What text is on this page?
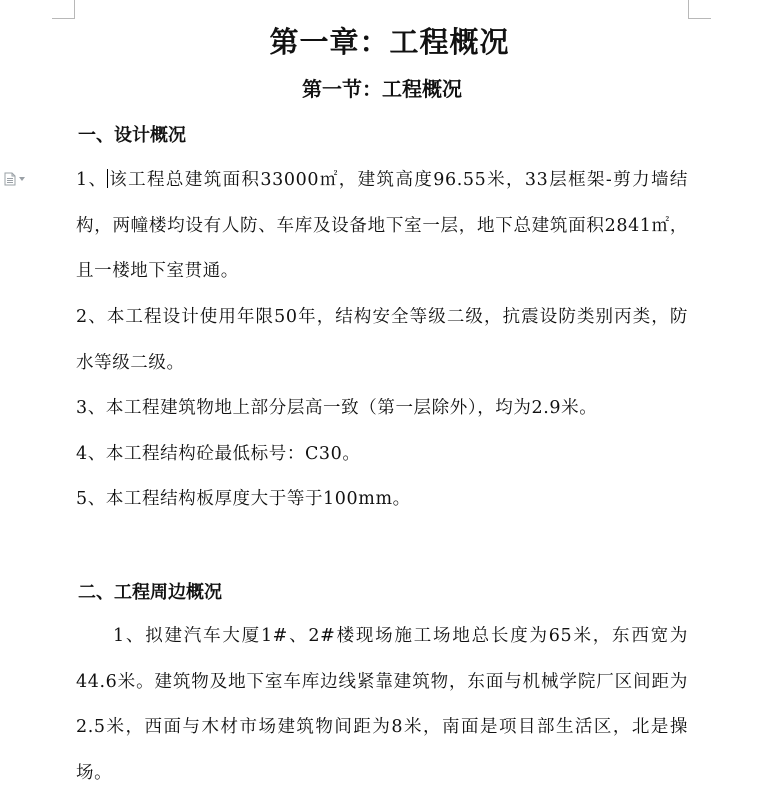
第一章：工程概况
第一节：工程概况
一、设计概况

1、该工程总建筑面积33000㎡，建筑高度96.55米，33层框架-剪力墙结构，两幢楼均设有人防、车库及设备地下室一层，地下总建筑面积2841㎡，且一楼地下室贯通。

2、本工程设计使用年限50年，结构安全等级二级，抗震设防类别丙类，防水等级二级。

3、本工程建筑物地上部分层高一致（第一层除外），均为2.9米。

4、本工程结构砼最低标号：C30。

5、本工程结构板厚度大于等于100mm。

二、工程周边概况

1、拟建汽车大厦1#、2#楼现场施工场地总长度为65米，东西宽为44.6米。建筑物及地下室车库边线紧靠建筑物，东面与机械学院厂区间距为2.5米，西面与木材市场建筑物间距为8米，南面是项目部生活区，北是操场。
